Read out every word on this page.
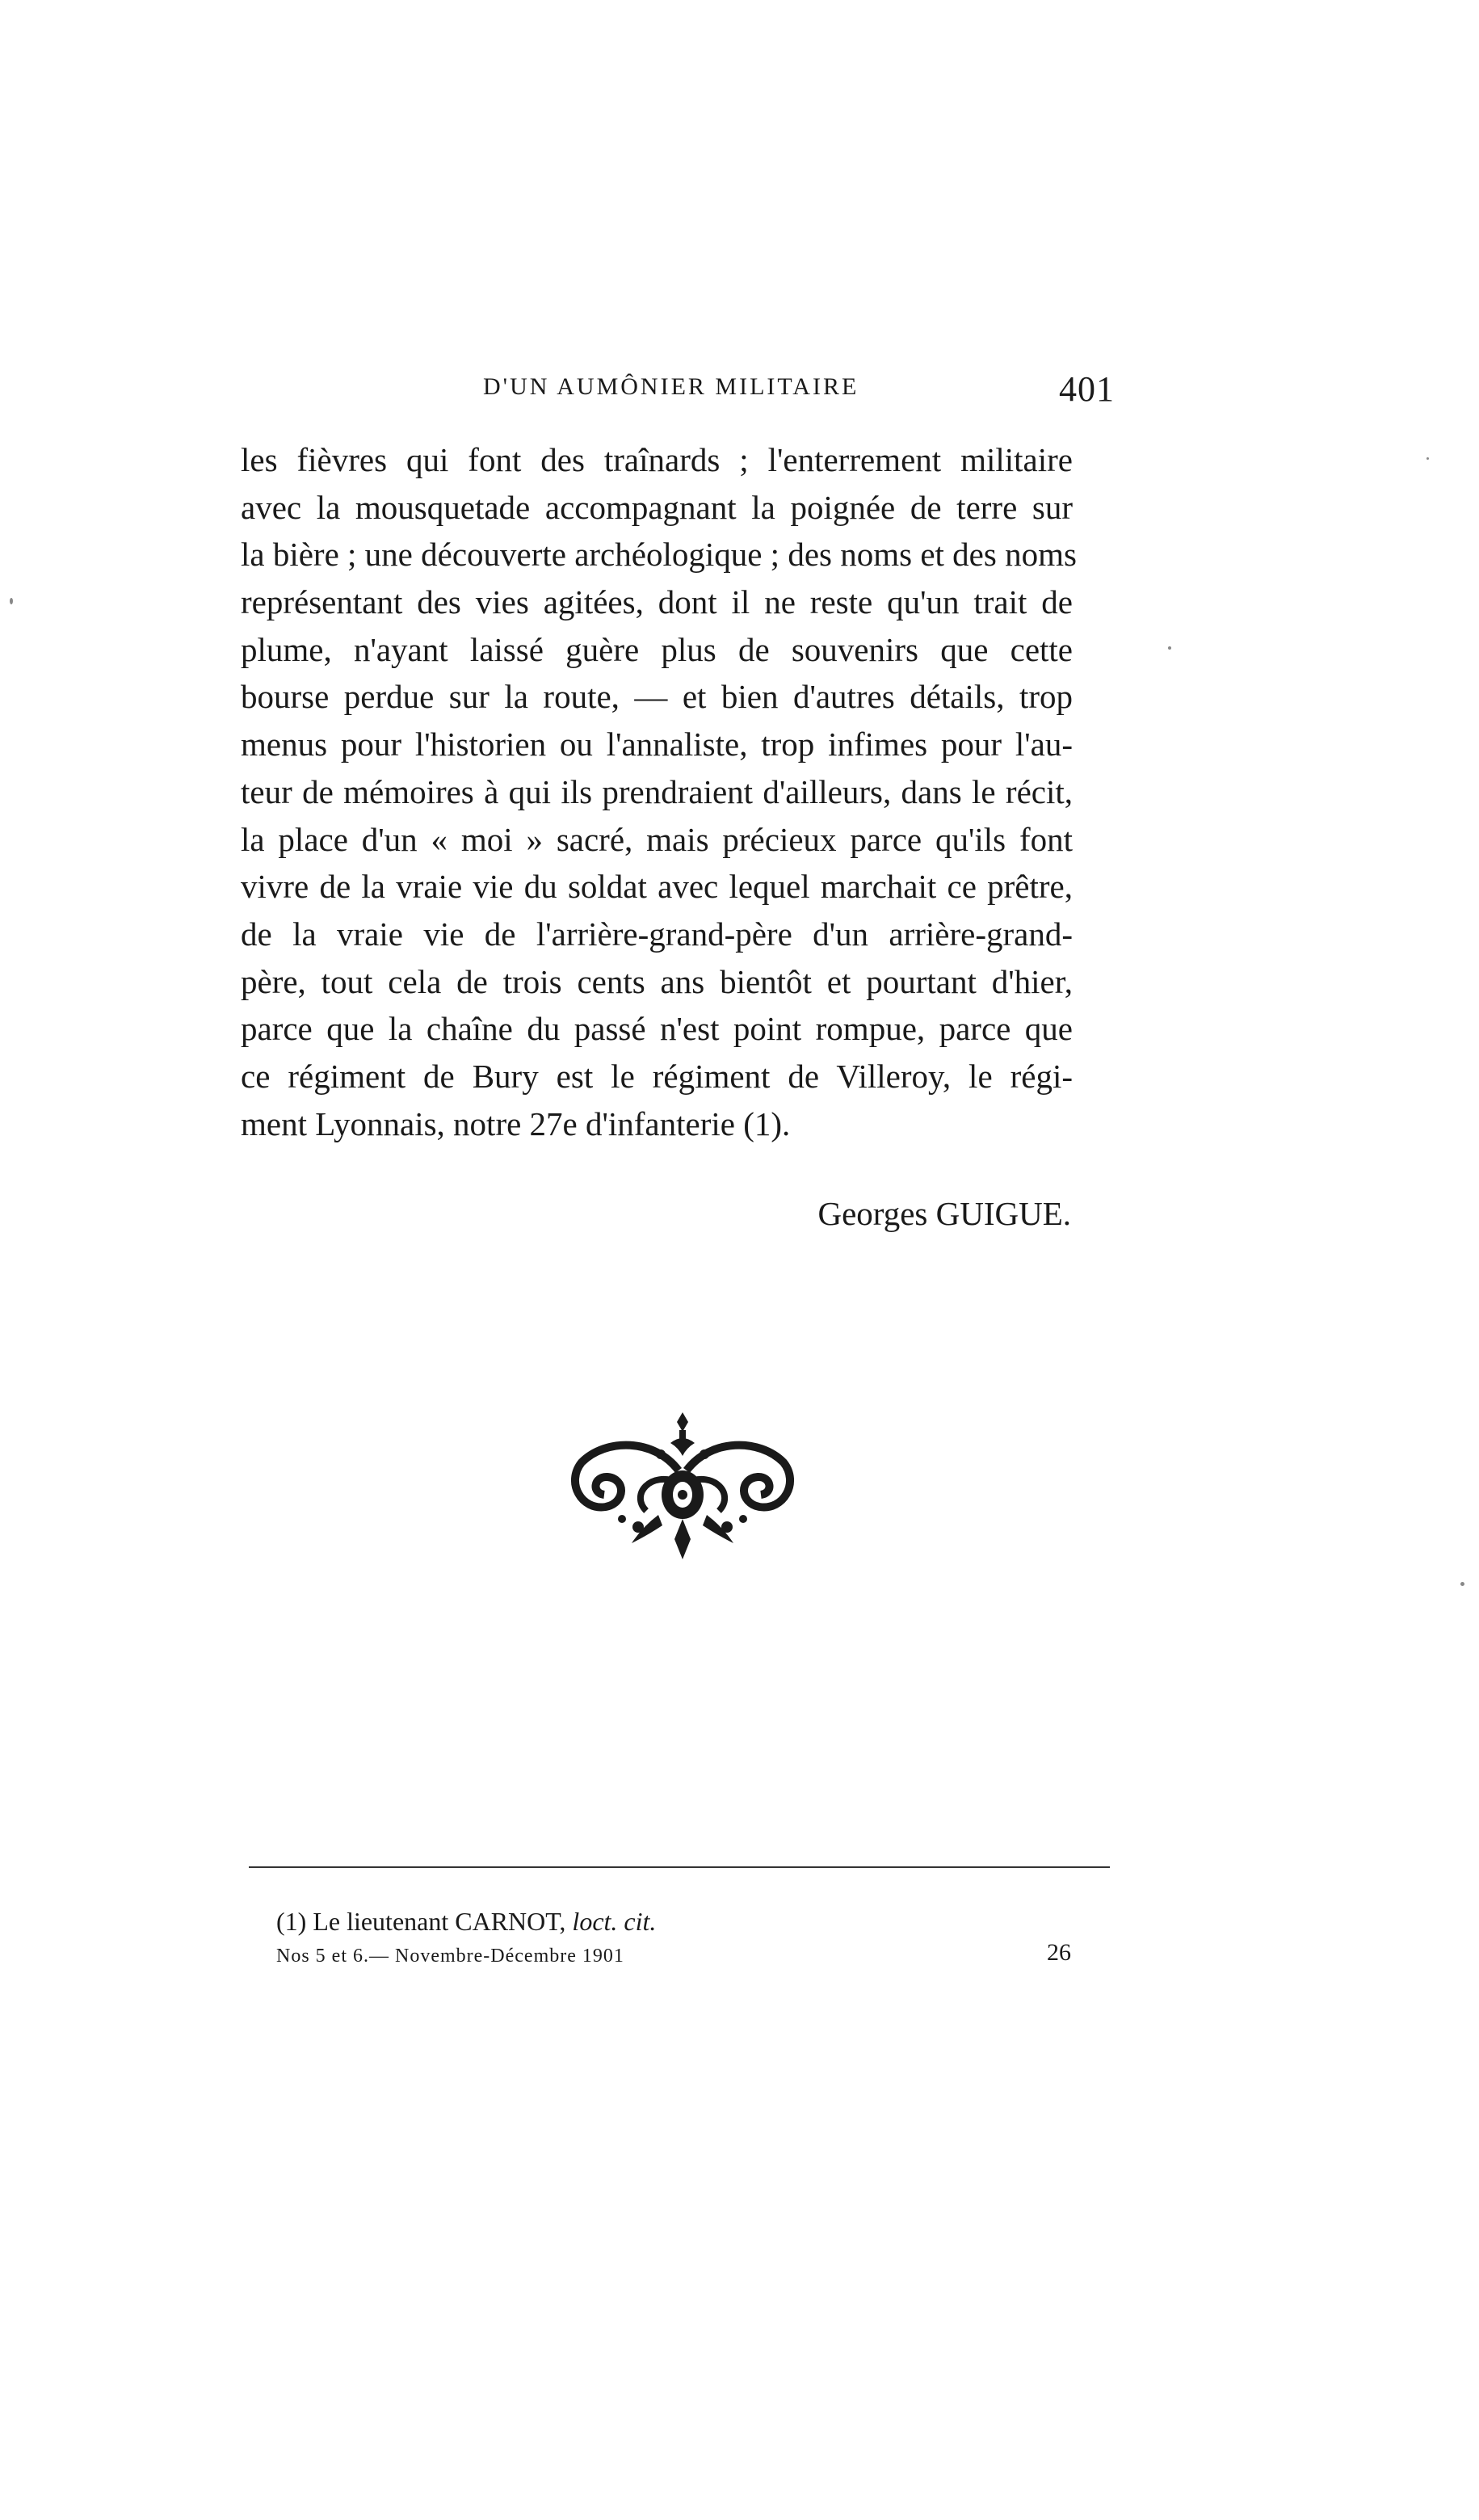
D'UN AUMÔNIER MILITAIRE	401
les fièvres qui font des traînards ; l'enterrement militaire
avec la mousquetade accompagnant la poignée de terre sur
la bière ; une découverte archéologique ; des noms et des noms
représentant des vies agitées, dont il ne reste qu'un trait de
plume, n'ayant laissé guère plus de souvenirs que cette
bourse perdue sur la route, — et bien d'autres détails, trop
menus pour l'historien ou l'annaliste, trop infimes pour l'au-
teur de mémoires à qui ils prendraient d'ailleurs, dans le récit,
la place d'un « moi » sacré, mais précieux parce qu'ils font
vivre de la vraie vie du soldat avec lequel marchait ce prêtre,
de la vraie vie de l'arrière-grand-père d'un arrière-grand-
père, tout cela de trois cents ans bientôt et pourtant d'hier,
parce que la chaîne du passé n'est point rompue, parce que
ce régiment de Bury est le régiment de Villeroy, le régi-
ment Lyonnais, notre 27e d'infanterie (1).
Georges GUIGUE.
(1) Le lieutenant CARNOT, loct. cit.
Nos 5 et 6.— Novembre-Décembre 1901	26
